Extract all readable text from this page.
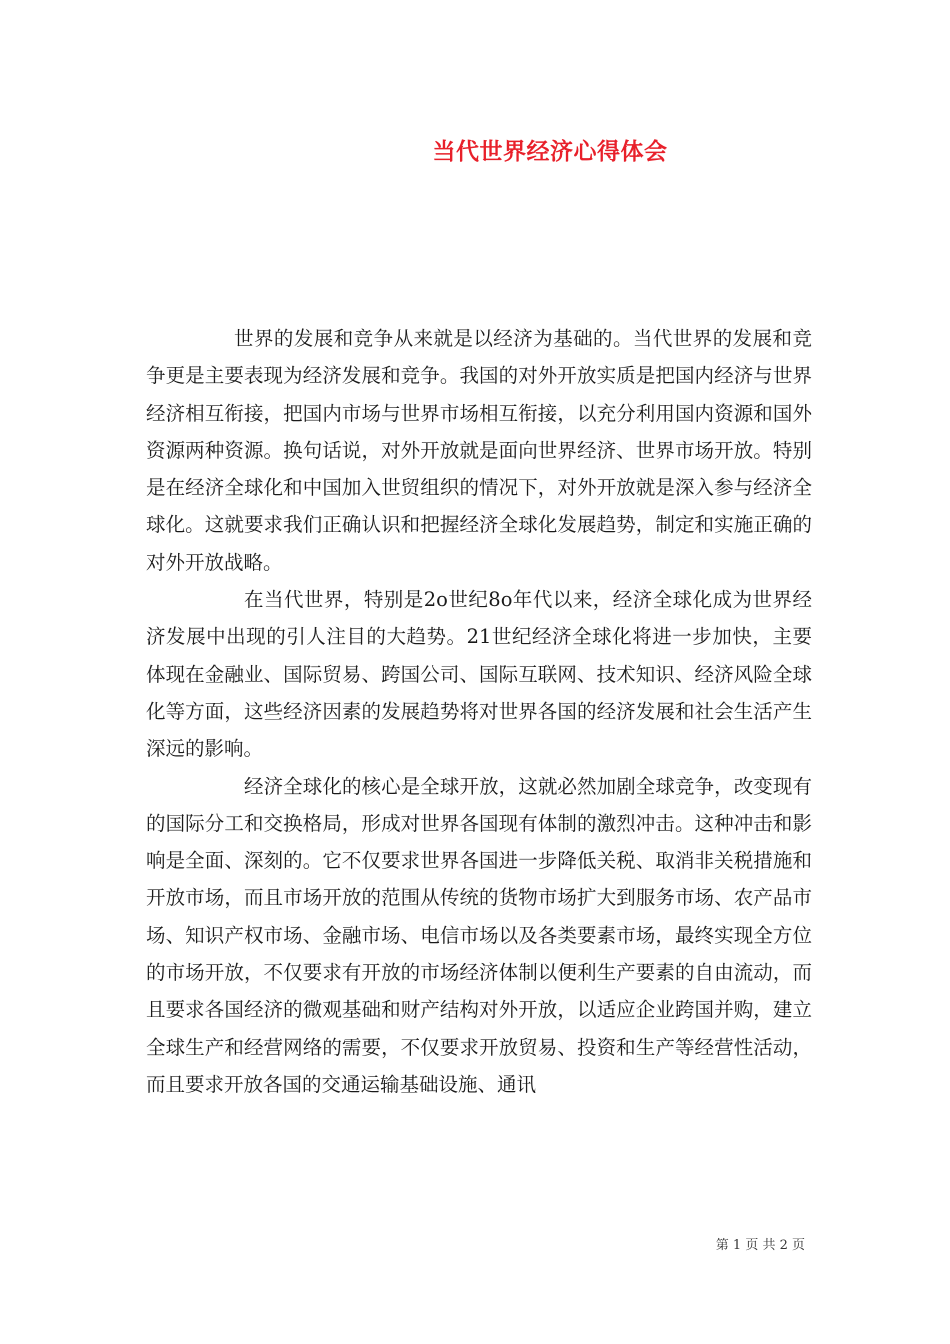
当代世界经济心得体会

世界的发展和竞争从来就是以经济为基础的。当代世界的发展和竞争更是主要表现为经济发展和竞争。我国的对外开放实质是把国内经济与世界经济相互衔接，把国内市场与世界市场相互衔接，以充分利用国内资源和国外资源两种资源。换句话说，对外开放就是面向世界经济、世界市场开放。特别是在经济全球化和中国加入世贸组织的情况下，对外开放就是深入参与经济全球化。这就要求我们正确认识和把握经济全球化发展趋势，制定和实施正确的对外开放战略。

在当代世界，特别是2o世纪8o年代以来，经济全球化成为世界经济发展中出现的引人注目的大趋势。21世纪经济全球化将进一步加快，主要体现在金融业、国际贸易、跨国公司、国际互联网、技术知识、经济风险全球化等方面，这些经济因素的发展趋势将对世界各国的经济发展和社会生活产生深远的影响。

经济全球化的核心是全球开放，这就必然加剧全球竞争，改变现有的国际分工和交换格局，形成对世界各国现有体制的激烈冲击。这种冲击和影响是全面、深刻的。它不仅要求世界各国进一步降低关税、取消非关税措施和开放市场，而且市场开放的范围从传统的货物市场扩大到服务市场、农产品市场、知识产权市场、金融市场、电信市场以及各类要素市场，最终实现全方位的市场开放，不仅要求有开放的市场经济体制以便利生产要素的自由流动，而且要求各国经济的微观基础和财产结构对外开放，以适应企业跨国并购，建立全球生产和经营网络的需要，不仅要求开放贸易、投资和生产等经营性活动，而且要求开放各国的交通运输基础设施、通讯

第 1 页 共 2 页
